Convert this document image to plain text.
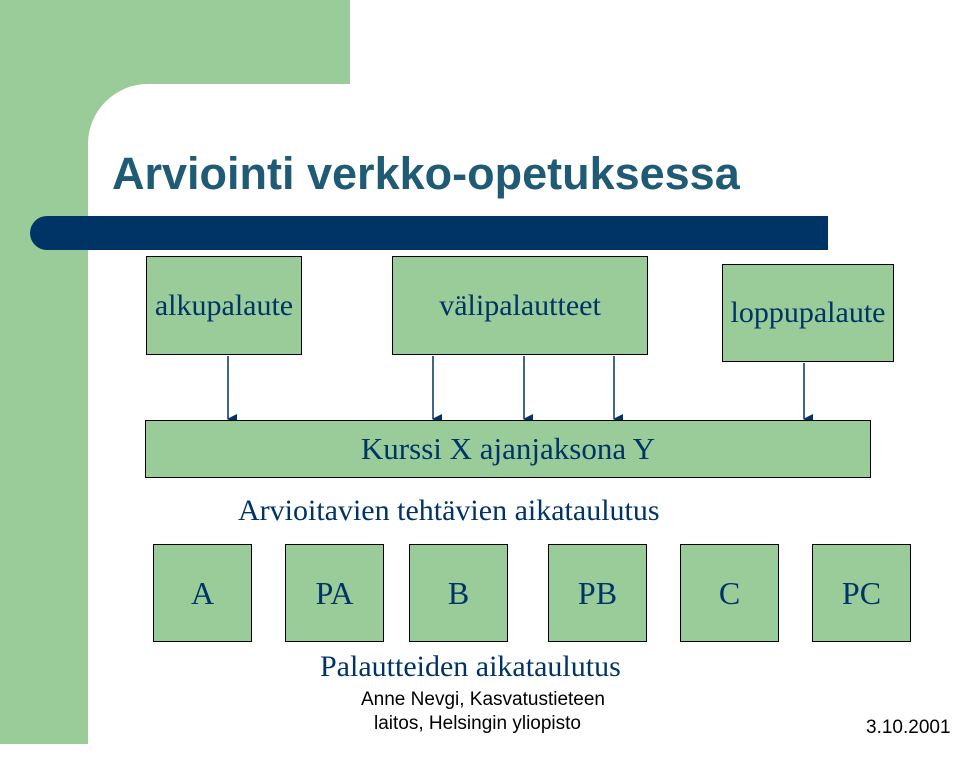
Arviointi verkko-opetuksessa
alkupalaute	välipalautteet	loppupalaute
Kurssi X ajanjaksona Y
Arvioitavien tehtävien aikataulutus
A	PA	B	PB	C	PC
Palautteiden aikataulutus
Anne Nevgi, Kasvatustieteen
laitos, Helsingin yliopisto	3.10.2001
